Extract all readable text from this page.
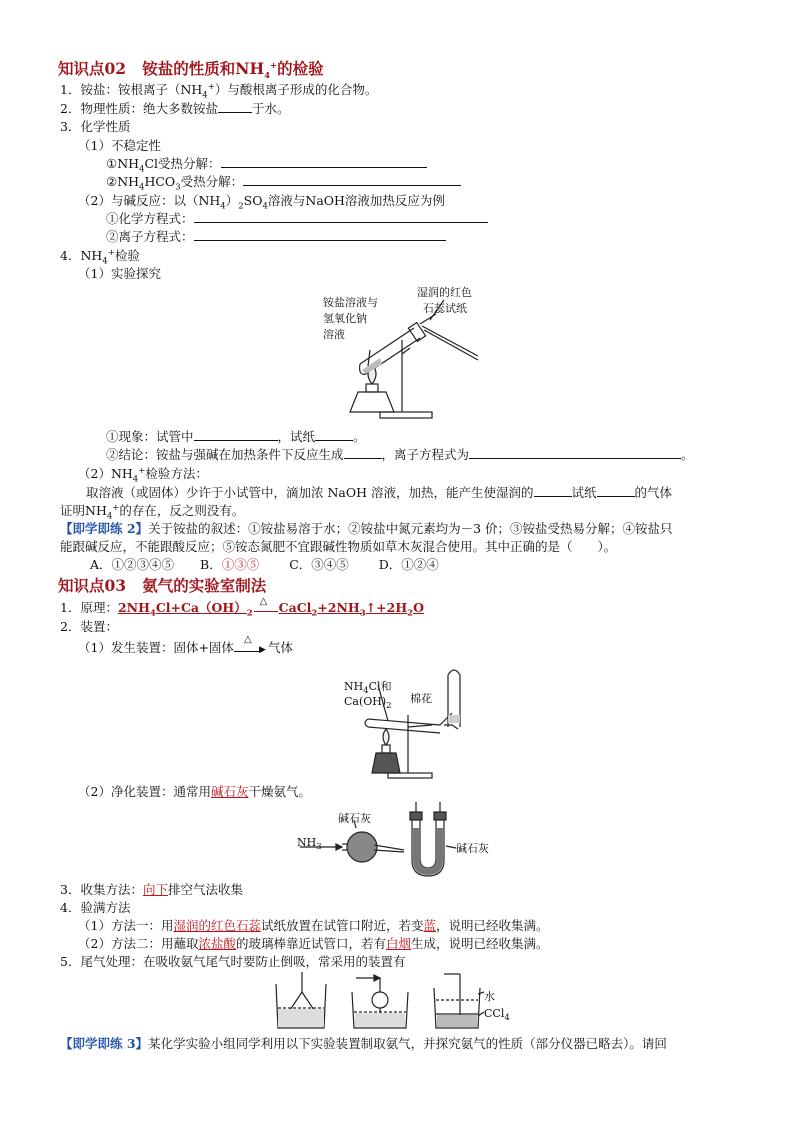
知识点02 铵盐的性质和$NH_4^+$的检验
1．铵盐：铵根离子$(NH_4^+)$与酸根离子形成的化合物。
2．物理性质：绝大多数铵盐	于水。
3．化学性质
（1）不稳定性
$①NH_4Cl$受热分解：
$②NH_4HCO_3$受热分解：
（2）与碱反应：以$(NH_4)_2SO_4$溶液与NaOH溶液加热反应为例
①化学方程式：
②离子方程式：
4．$NH_4^+$检验
（1）实验探究
铵盐溶液与
氢氧化钠
溶液
湿润的红色
石蕊试纸
①现象：试管中	，试纸	。
②结论：铵盐与强碱在加热条件下反应生成	，离子方程式为	。
$(2)NH_4^+$检验方法：
取溶液（或固体）少许于小试管中，滴加浓 NaOH 溶液，加热，能产生使湿润的	试纸	的气体
证明$NH_4^+$的存在，反之则没有。
【即学即练 2】关于铵盐的叙述：①铵盐易溶于水；②铵盐中氮元素均为－3 价；③铵盐受热易分解；④铵盐只
能跟碱反应，不能跟酸反应；⑤铵态氮肥不宜跟碱性物质如草木灰混合使用。其中正确的是（　　）。
A．①②③④⑤ B．①③⑤ C．③④⑤ D．①②④
知识点03 氨气的实验室制法
1．原理：$2NH_4Cl+Ca(OH)_2$
△ $CaCl_2+2NH_3↑+2H_2O$
2．装置：
（1）发生装置：固体+固体
△
▶ 气体
$NH_4Cl$和
$Ca(OH)_2$
棉花
（2）净化装置：通常用碱石灰干燥氨气。
$NH_3$
碱石灰
碱石灰
3．收集方法：向下排空气法收集
4．验满方法
（1）方法一：用湿润的红色石蕊试纸放置在试管口附近，若变蓝，说明已经收集满。
（2）方法二：用蘸取浓盐酸的玻璃棒靠近试管口，若有白烟生成，说明已经收集满。
5．尾气处理：在吸收氨气尾气时要防止倒吸，常采用的装置有
水
CCl$_4$
【即学即练 3】某化学实验小组同学利用以下实验装置制取氨气，并探究氨气的性质（部分仪器已略去）。请回
